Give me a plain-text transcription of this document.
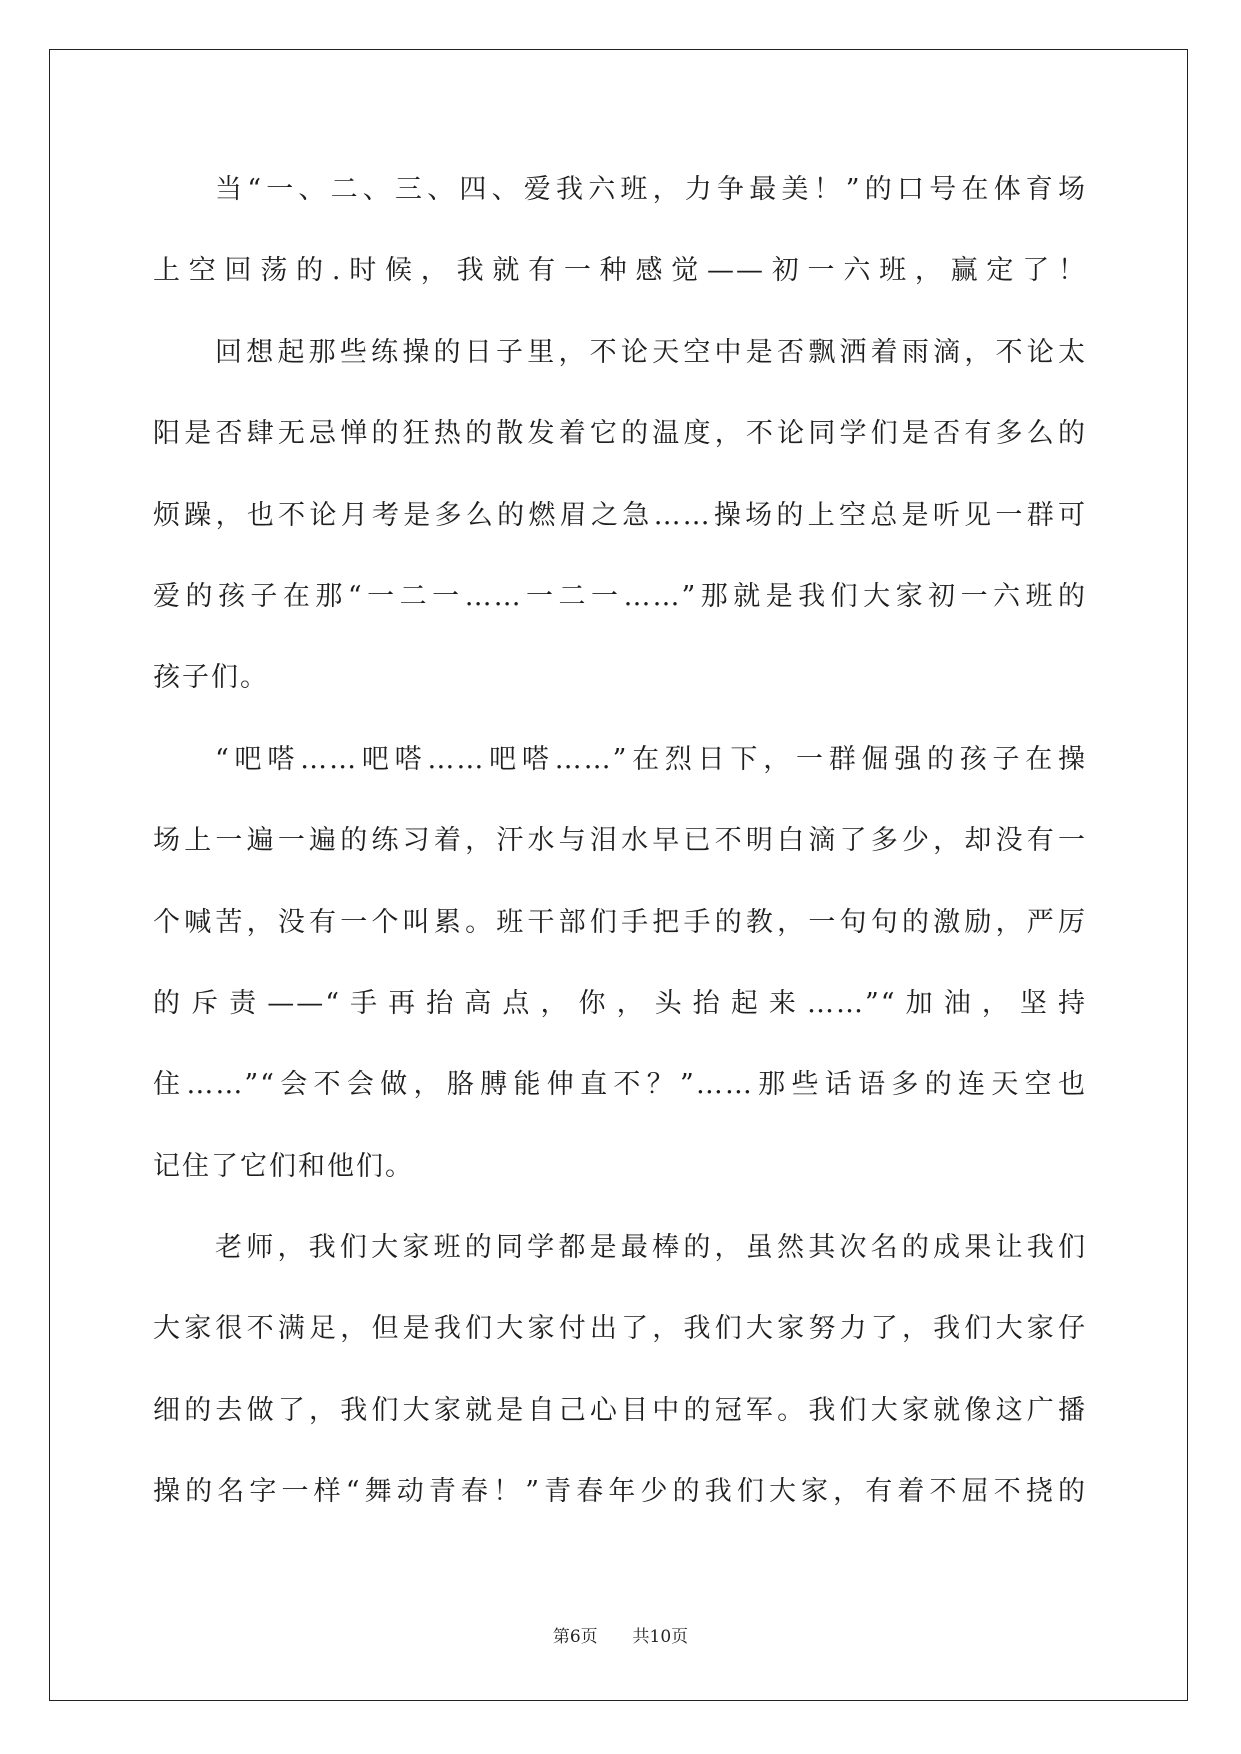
当“一、二、三、四、爱我六班，力争最美！”的口号在体育场
上空回荡的.时候，我就有一种感觉——初一六班，赢定了！
回想起那些练操的日子里，不论天空中是否飘洒着雨滴，不论太
阳是否肆无忌惮的狂热的散发着它的温度，不论同学们是否有多么的
烦躁，也不论月考是多么的燃眉之急……操场的上空总是听见一群可
爱的孩子在那“一二一……一二一……”那就是我们大家初一六班的
孩子们。
“吧嗒……吧嗒……吧嗒……”在烈日下，一群倔强的孩子在操
场上一遍一遍的练习着，汗水与泪水早已不明白滴了多少，却没有一
个喊苦，没有一个叫累。班干部们手把手的教，一句句的激励，严厉
的斥责——“手再抬高点，你，头抬起来……”“加油，坚持
住……”“会不会做，胳膊能伸直不？”……那些话语多的连天空也
记住了它们和他们。
老师，我们大家班的同学都是最棒的，虽然其次名的成果让我们
大家很不满足，但是我们大家付出了，我们大家努力了，我们大家仔
细的去做了，我们大家就是自己心目中的冠军。我们大家就像这广播
操的名字一样“舞动青春！”青春年少的我们大家，有着不屈不挠的
第6页 共10页
